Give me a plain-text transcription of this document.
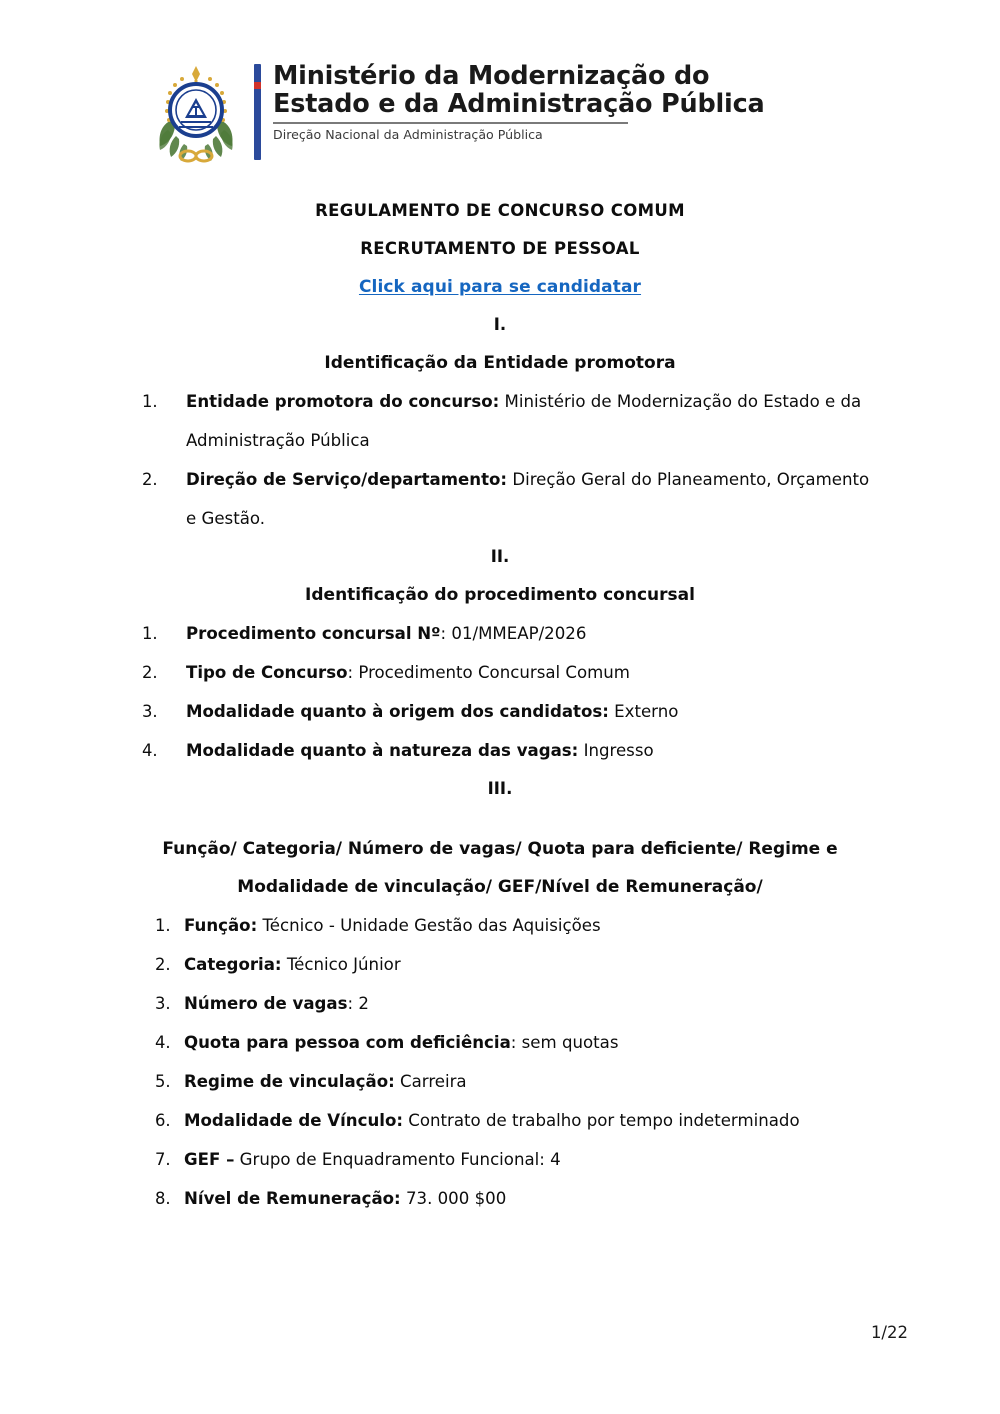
Ministério da Modernização do
Estado e da Administração Pública
Direção Nacional da Administração Pública
REGULAMENTO DE CONCURSO COMUM
RECRUTAMENTO DE PESSOAL
Click aqui para se candidatar
I.
Identificação da Entidade promotora
1. Entidade promotora do concurso: Ministério de Modernização do Estado e da Administração Pública
2. Direção de Serviço/departamento: Direção Geral do Planeamento, Orçamento e Gestão.
II.
Identificação do procedimento concursal
1. Procedimento concursal Nº: 01/MMEAP/2026
2. Tipo de Concurso: Procedimento Concursal Comum
3. Modalidade quanto à origem dos candidatos: Externo
4. Modalidade quanto à natureza das vagas: Ingresso
III.
Função/ Categoria/ Número de vagas/ Quota para deficiente/ Regime e
Modalidade de vinculação/ GEF/Nível de Remuneração/
1. Função: Técnico - Unidade Gestão das Aquisições
2. Categoria: Técnico Júnior
3. Número de vagas: 2
4. Quota para pessoa com deficiência: sem quotas
5. Regime de vinculação: Carreira
6. Modalidade de Vínculo: Contrato de trabalho por tempo indeterminado
7. GEF – Grupo de Enquadramento Funcional: 4
8. Nível de Remuneração: 73. 000 $00
1/22
